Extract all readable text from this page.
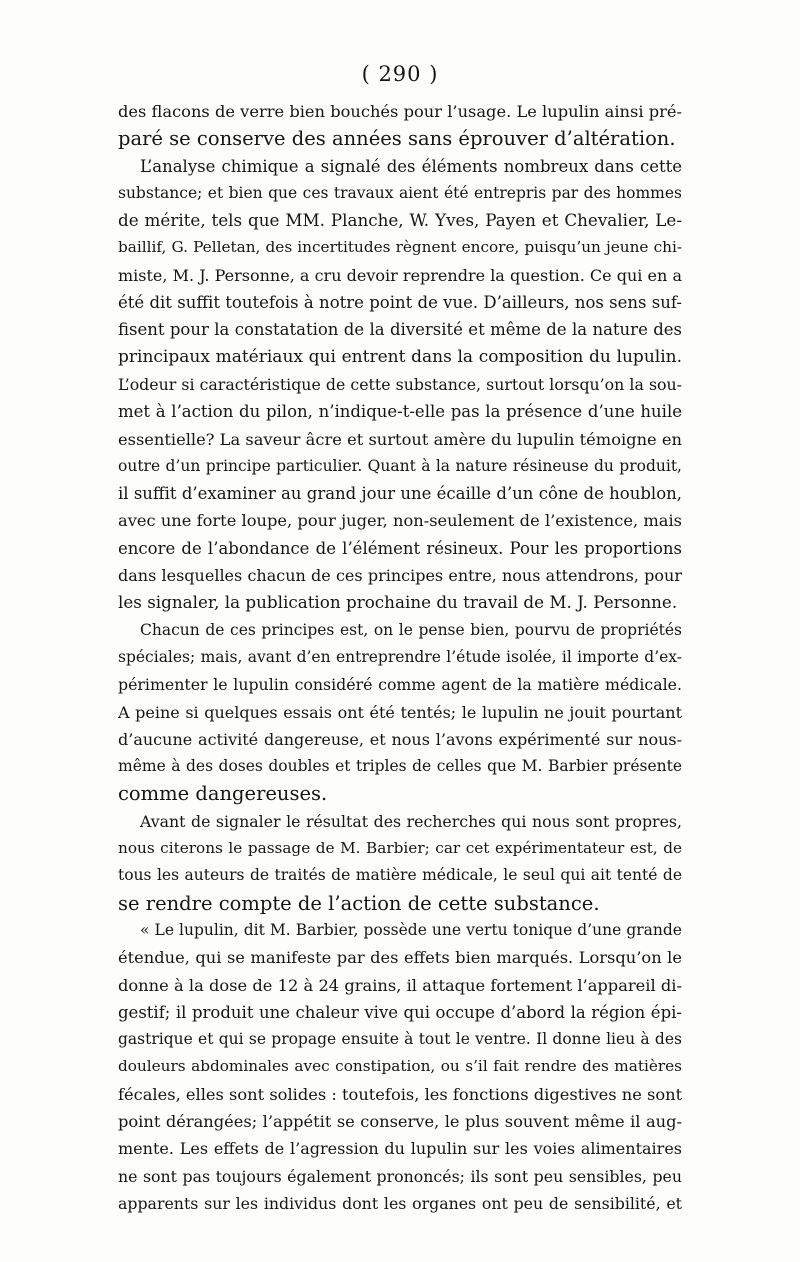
( 290 )
des flacons de verre bien bouchés pour l’usage. Le lupulin ainsi pré-
paré se conserve des années sans éprouver d’altération.
L’analyse chimique a signalé des éléments nombreux dans cette
substance; et bien que ces travaux aient été entrepris par des hommes
de mérite, tels que MM. Planche, W. Yves, Payen et Chevalier, Le-
baillif, G. Pelletan, des incertitudes règnent encore, puisqu’un jeune chi-
miste, M. J. Personne, a cru devoir reprendre la question. Ce qui en a
été dit suffit toutefois à notre point de vue. D’ailleurs, nos sens suf-
fisent pour la constatation de la diversité et même de la nature des
principaux matériaux qui entrent dans la composition du lupulin.
L’odeur si caractéristique de cette substance, surtout lorsqu’on la sou-
met à l’action du pilon, n’indique-t-elle pas la présence d’une huile
essentielle? La saveur âcre et surtout amère du lupulin témoigne en
outre d’un principe particulier. Quant à la nature résineuse du produit,
il suffit d’examiner au grand jour une écaille d’un cône de houblon,
avec une forte loupe, pour juger, non-seulement de l’existence, mais
encore de l’abondance de l’élément résineux. Pour les proportions
dans lesquelles chacun de ces principes entre, nous attendrons, pour
les signaler, la publication prochaine du travail de M. J. Personne.
Chacun de ces principes est, on le pense bien, pourvu de propriétés
spéciales; mais, avant d’en entreprendre l’étude isolée, il importe d’ex-
périmenter le lupulin considéré comme agent de la matière médicale.
A peine si quelques essais ont été tentés; le lupulin ne jouit pourtant
d’aucune activité dangereuse, et nous l’avons expérimenté sur nous-
même à des doses doubles et triples de celles que M. Barbier présente
comme dangereuses.
Avant de signaler le résultat des recherches qui nous sont propres,
nous citerons le passage de M. Barbier; car cet expérimentateur est, de
tous les auteurs de traités de matière médicale, le seul qui ait tenté de
se rendre compte de l’action de cette substance.
« Le lupulin, dit M. Barbier, possède une vertu tonique d’une grande
étendue, qui se manifeste par des effets bien marqués. Lorsqu’on le
donne à la dose de 12 à 24 grains, il attaque fortement l’appareil di-
gestif; il produit une chaleur vive qui occupe d’abord la région épi-
gastrique et qui se propage ensuite à tout le ventre. Il donne lieu à des
douleurs abdominales avec constipation, ou s’il fait rendre des matières
fécales, elles sont solides : toutefois, les fonctions digestives ne sont
point dérangées; l’appétit se conserve, le plus souvent même il aug-
mente. Les effets de l’agression du lupulin sur les voies alimentaires
ne sont pas toujours également prononcés; ils sont peu sensibles, peu
apparents sur les individus dont les organes ont peu de sensibilité, et
